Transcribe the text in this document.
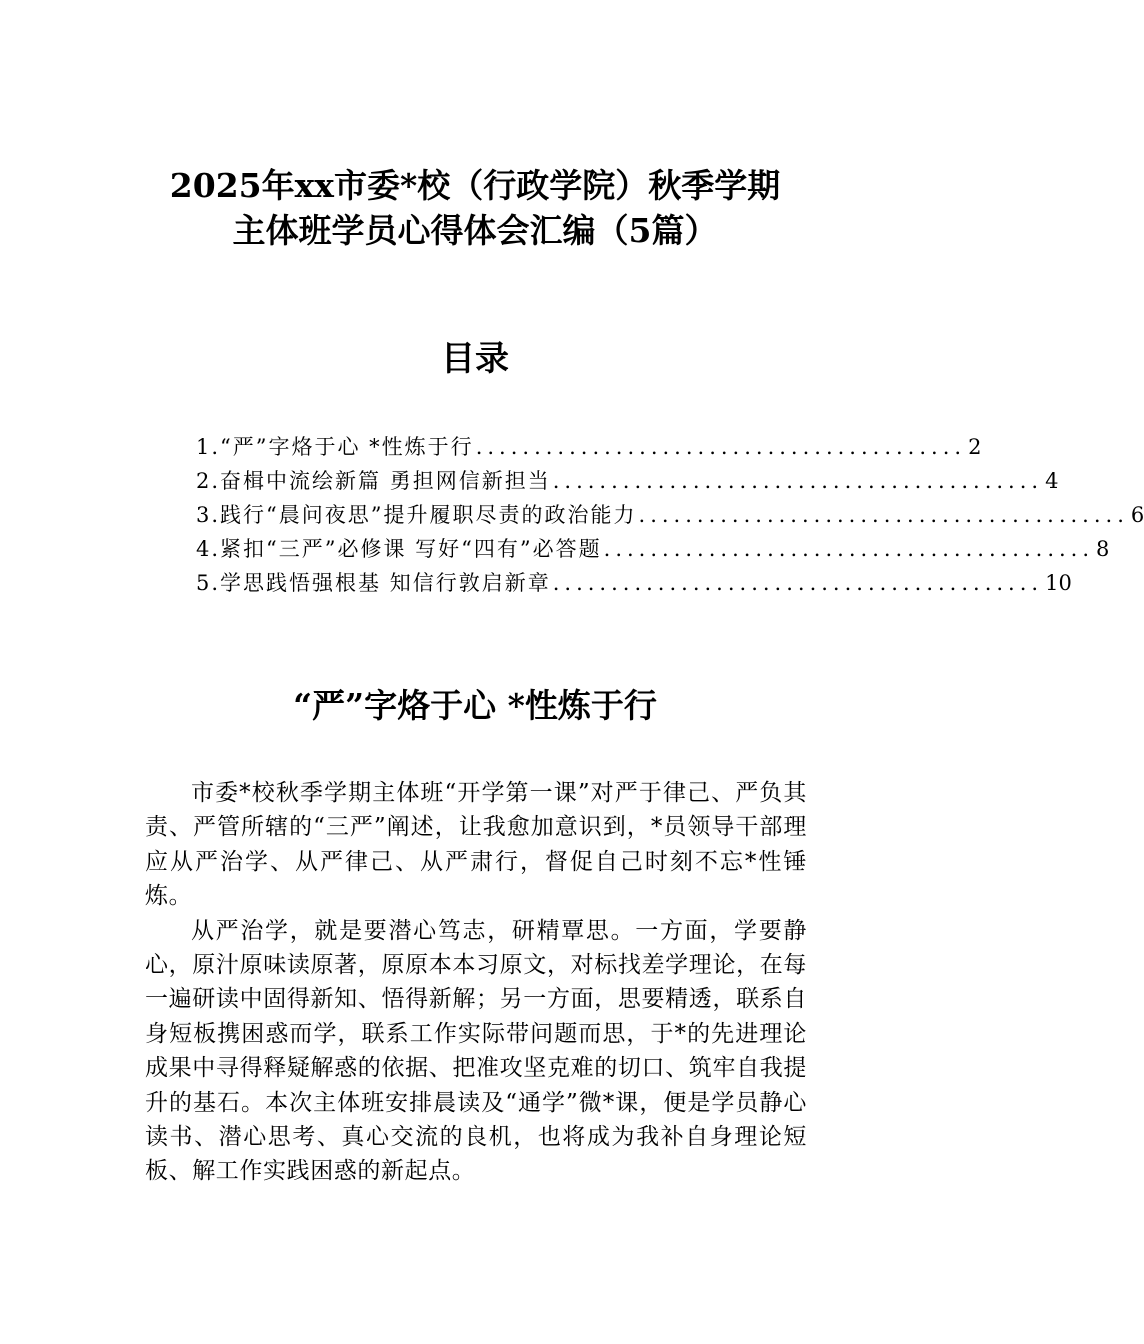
2025年xx市委*校（行政学院）秋季学期
主体班学员心得体会汇编（5篇）
目录
1.“严”字烙于心 *性炼于行 .......................................... 2
2.奋楫中流绘新篇 勇担网信新担当 .......................................... 4
3.践行“晨问夜思”提升履职尽责的政治能力 .......................................... 6
4.紧扣“三严”必修课 写好“四有”必答题 .......................................... 8
5.学思践悟强根基 知信行敦启新章 .......................................... 10
“严”字烙于心 *性炼于行

市委*校秋季学期主体班“开学第一课”对严于律己、严负其责、严管所辖的“三严”阐述，让我愈加意识到，*员领导干部理应从严治学、从严律己、从严肃行，督促自己时刻不忘*性锤炼。

从严治学，就是要潜心笃志，研精覃思。一方面，学要静心，原汁原味读原著，原原本本习原文，对标找差学理论，在每一遍研读中固得新知、悟得新解；另一方面，思要精透，联系自身短板携困惑而学，联系工作实际带问题而思，于*的先进理论成果中寻得释疑解惑的依据、把准攻坚克难的切口、筑牢自我提升的基石。本次主体班安排晨读及“通学”微*课，便是学员静心读书、潜心思考、真心交流的良机，也将成为我补自身理论短板、解工作实践困惑的新起点。
